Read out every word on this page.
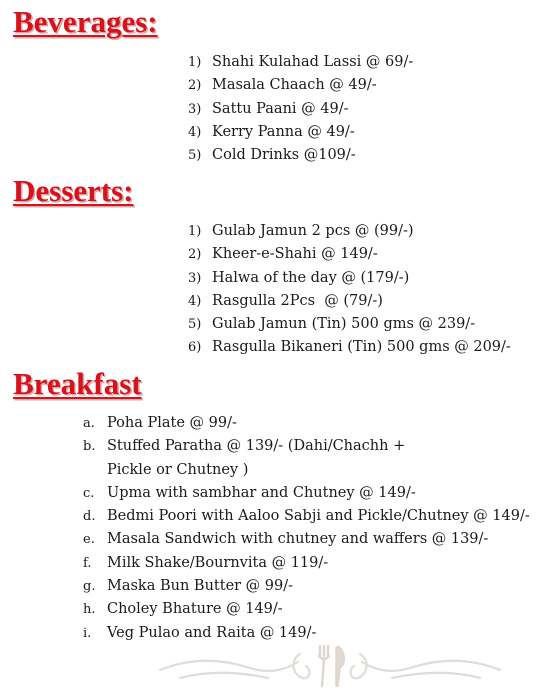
Beverages:
1) Shahi Kulahad Lassi @ 69/-
2) Masala Chaach @ 49/-
3) Sattu Paani @ 49/-
4) Kerry Panna @ 49/-
5) Cold Drinks @109/-
Desserts:
1) Gulab Jamun 2 pcs @ (99/-)
2) Kheer-e-Shahi @ 149/-
3) Halwa of the day @ (179/-)
4) Rasgulla 2Pcs  @ (79/-)
5) Gulab Jamun (Tin) 500 gms @ 239/-
6) Rasgulla Bikaneri (Tin) 500 gms @ 209/-
Breakfast
a. Poha Plate @ 99/-
b. Stuffed Paratha @ 139/- (Dahi/Chachh + Pickle or Chutney )
c. Upma with sambhar and Chutney @ 149/-
d. Bedmi Poori with Aaloo Sabji and Pickle/Chutney @ 149/-
e. Masala Sandwich with chutney and waffers @ 139/-
f. Milk Shake/Bournvita @ 119/-
g. Maska Bun Butter @ 99/-
h. Choley Bhature @ 149/-
i. Veg Pulao and Raita @ 149/-
